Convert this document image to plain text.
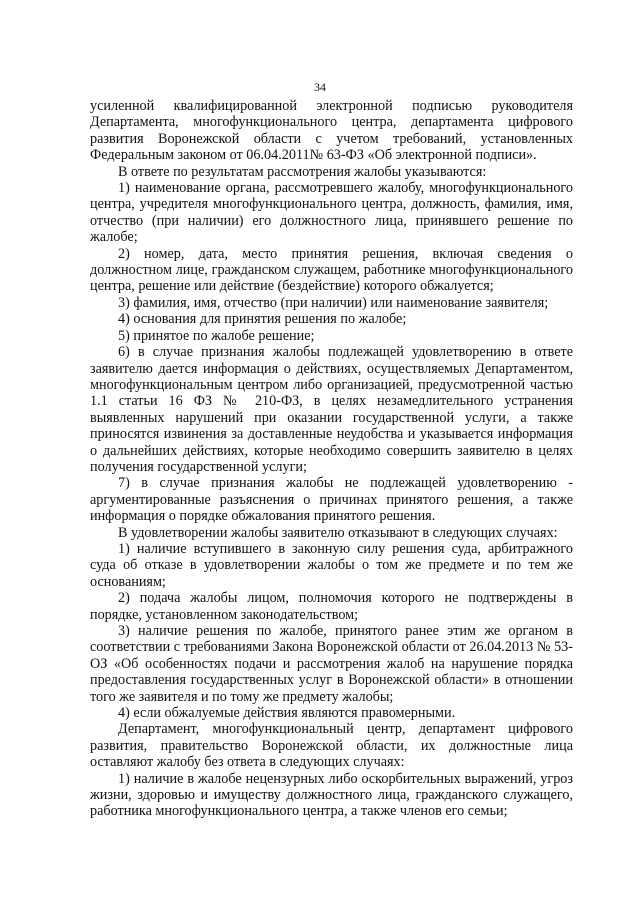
34

усиленной квалифицированной электронной подписью руководителя Департамента, многофункционального центра, департамента цифрового развития Воронежской области с учетом требований, установленных Федеральным законом от 06.04.2011№ 63-ФЗ «Об электронной подписи».

В ответе по результатам рассмотрения жалобы указываются:

1) наименование органа, рассмотревшего жалобу, многофункционального центра, учредителя многофункционального центра, должность, фамилия, имя, отчество (при наличии) его должностного лица, принявшего решение по жалобе;

2) номер, дата, место принятия решения, включая сведения о должностном лице, гражданском служащем, работнике многофункционального центра, решение или действие (бездействие) которого обжалуется;

3) фамилия, имя, отчество (при наличии) или наименование заявителя;

4) основания для принятия решения по жалобе;

5) принятое по жалобе решение;

6) в случае признания жалобы подлежащей удовлетворению в ответе заявителю дается информация о действиях, осуществляемых Департаментом, многофункциональным центром либо организацией, предусмотренной частью 1.1 статьи 16 ФЗ № 210-ФЗ, в целях незамедлительного устранения выявленных нарушений при оказании государственной услуги, а также приносятся извинения за доставленные неудобства и указывается информация о дальнейших действиях, которые необходимо совершить заявителю в целях получения государственной услуги;

7) в случае признания жалобы не подлежащей удовлетворению - аргументированные разъяснения о причинах принятого решения, а также информация о порядке обжалования принятого решения.

В удовлетворении жалобы заявителю отказывают в следующих случаях:

1) наличие вступившего в законную силу решения суда, арбитражного суда об отказе в удовлетворении жалобы о том же предмете и по тем же основаниям;

2) подача жалобы лицом, полномочия которого не подтверждены в порядке, установленном законодательством;

3) наличие решения по жалобе, принятого ранее этим же органом в соответствии с требованиями Закона Воронежской области от 26.04.2013 № 53-ОЗ «Об особенностях подачи и рассмотрения жалоб на нарушение порядка предоставления государственных услуг в Воронежской области» в отношении того же заявителя и по тому же предмету жалобы;

4) если обжалуемые действия являются правомерными.

Департамент, многофункциональный центр, департамент цифрового развития, правительство Воронежской области, их должностные лица оставляют жалобу без ответа в следующих случаях:

1) наличие в жалобе нецензурных либо оскорбительных выражений, угроз жизни, здоровью и имуществу должностного лица, гражданского служащего, работника многофункционального центра, а также членов его семьи;
